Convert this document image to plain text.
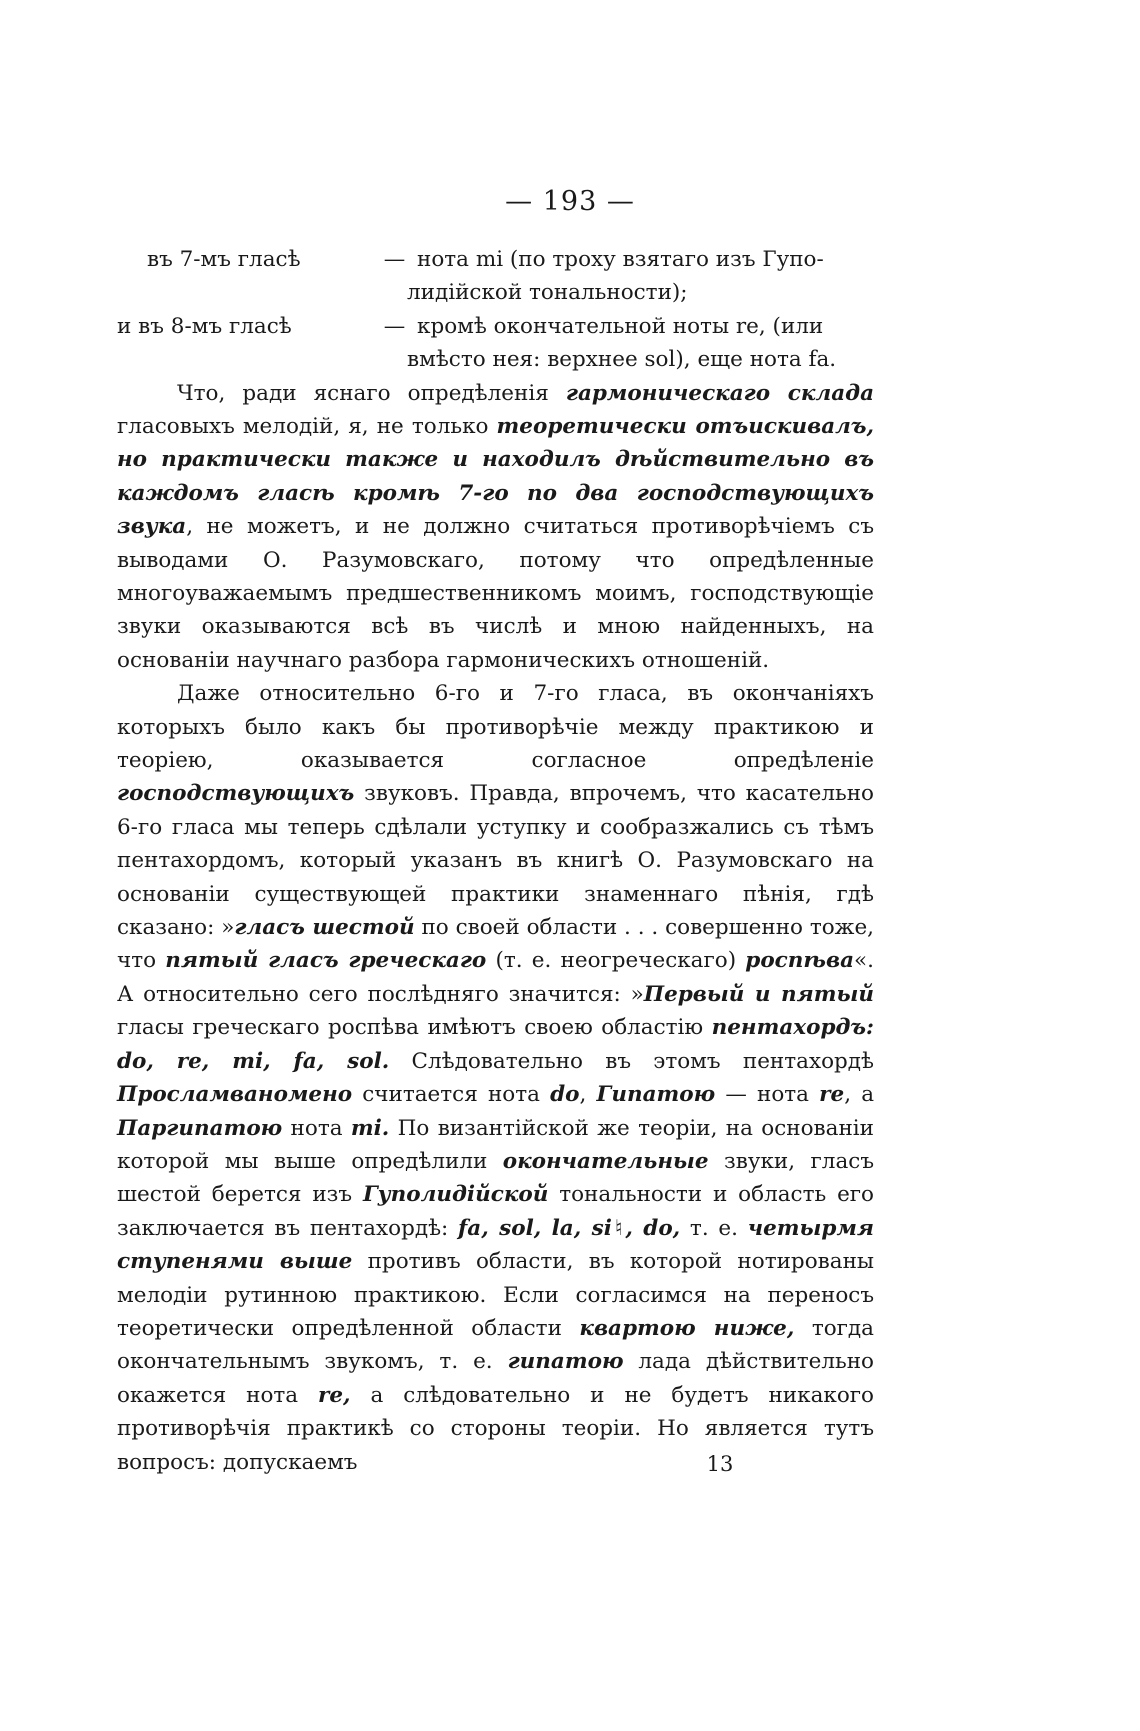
— 193 —
въ 7-мъ гласѣ	— нота mi (по троху взятаго изъ Гупо-
лидійской тональности);
и въ 8-мъ гласѣ	— кромѣ окончательной ноты re, (или
вмѣсто нея: верхнее sol), еще нота fa.

Что, ради яснаго опредѣленія гармоническаго склада гласовыхъ мелодій, я, не только теоретически отъискивалъ, но практически также и находилъ дѣйствительно въ каждомъ гласѣ кромѣ 7-го по два господствующихъ звука, не можетъ, и не должно считаться противорѣчіемъ съ выводами О. Разумовскаго, потому что опредѣленные многоуважаемымъ предшественникомъ моимъ, господствующіе звуки оказываются всѣ въ числѣ и мною найденныхъ, на основаніи научнаго разбора гармоническихъ отношеній.

Даже относительно 6-го и 7-го гласа, въ окончаніяхъ которыхъ было какъ бы противорѣчіе между практикою и теоріею, оказывается согласное опредѣленіе господствующихъ звуковъ. Правда, впрочемъ, что касательно 6-го гласа мы теперь сдѣлали уступку и сообразжались съ тѣмъ пентахордомъ, который указанъ въ книгѣ О. Разумовскаго на основаніи существующей практики знаменнаго пѣнія, гдѣ сказано: »гласъ шестой по своей области . . . совершенно тоже, что пятый гласъ греческаго (т. е. неогреческаго) роспѣва«. А относительно сего послѣдняго значится: »Первый и пятый гласы греческаго роспѣва имѣютъ своею областію пентахордъ: do, re, mi, fa, sol. Слѣдовательно въ этомъ пентахордѣ Просламваномено считается нота do, Гипатою — нота re, а Паргипатою нота mi. По византійской же теоріи, на основаніи которой мы выше опредѣлили окончательные звуки, гласъ шестой берется изъ Гуполидійской тональности и область его заключается въ пентахордѣ: fa, sol, la, si♮, do, т. е. четырмя ступенями выше противъ области, въ которой нотированы мелодіи рутинною практикою. Если согласимся на переносъ теоретически опредѣленной области квартою ниже, тогда окончательнымъ звукомъ, т. е. гипатою лада дѣйствительно окажется нота re, а слѣдовательно и не будетъ никакого противорѣчія практикѣ со стороны теоріи. Но является тутъ вопросъ: допускаемъ	13
